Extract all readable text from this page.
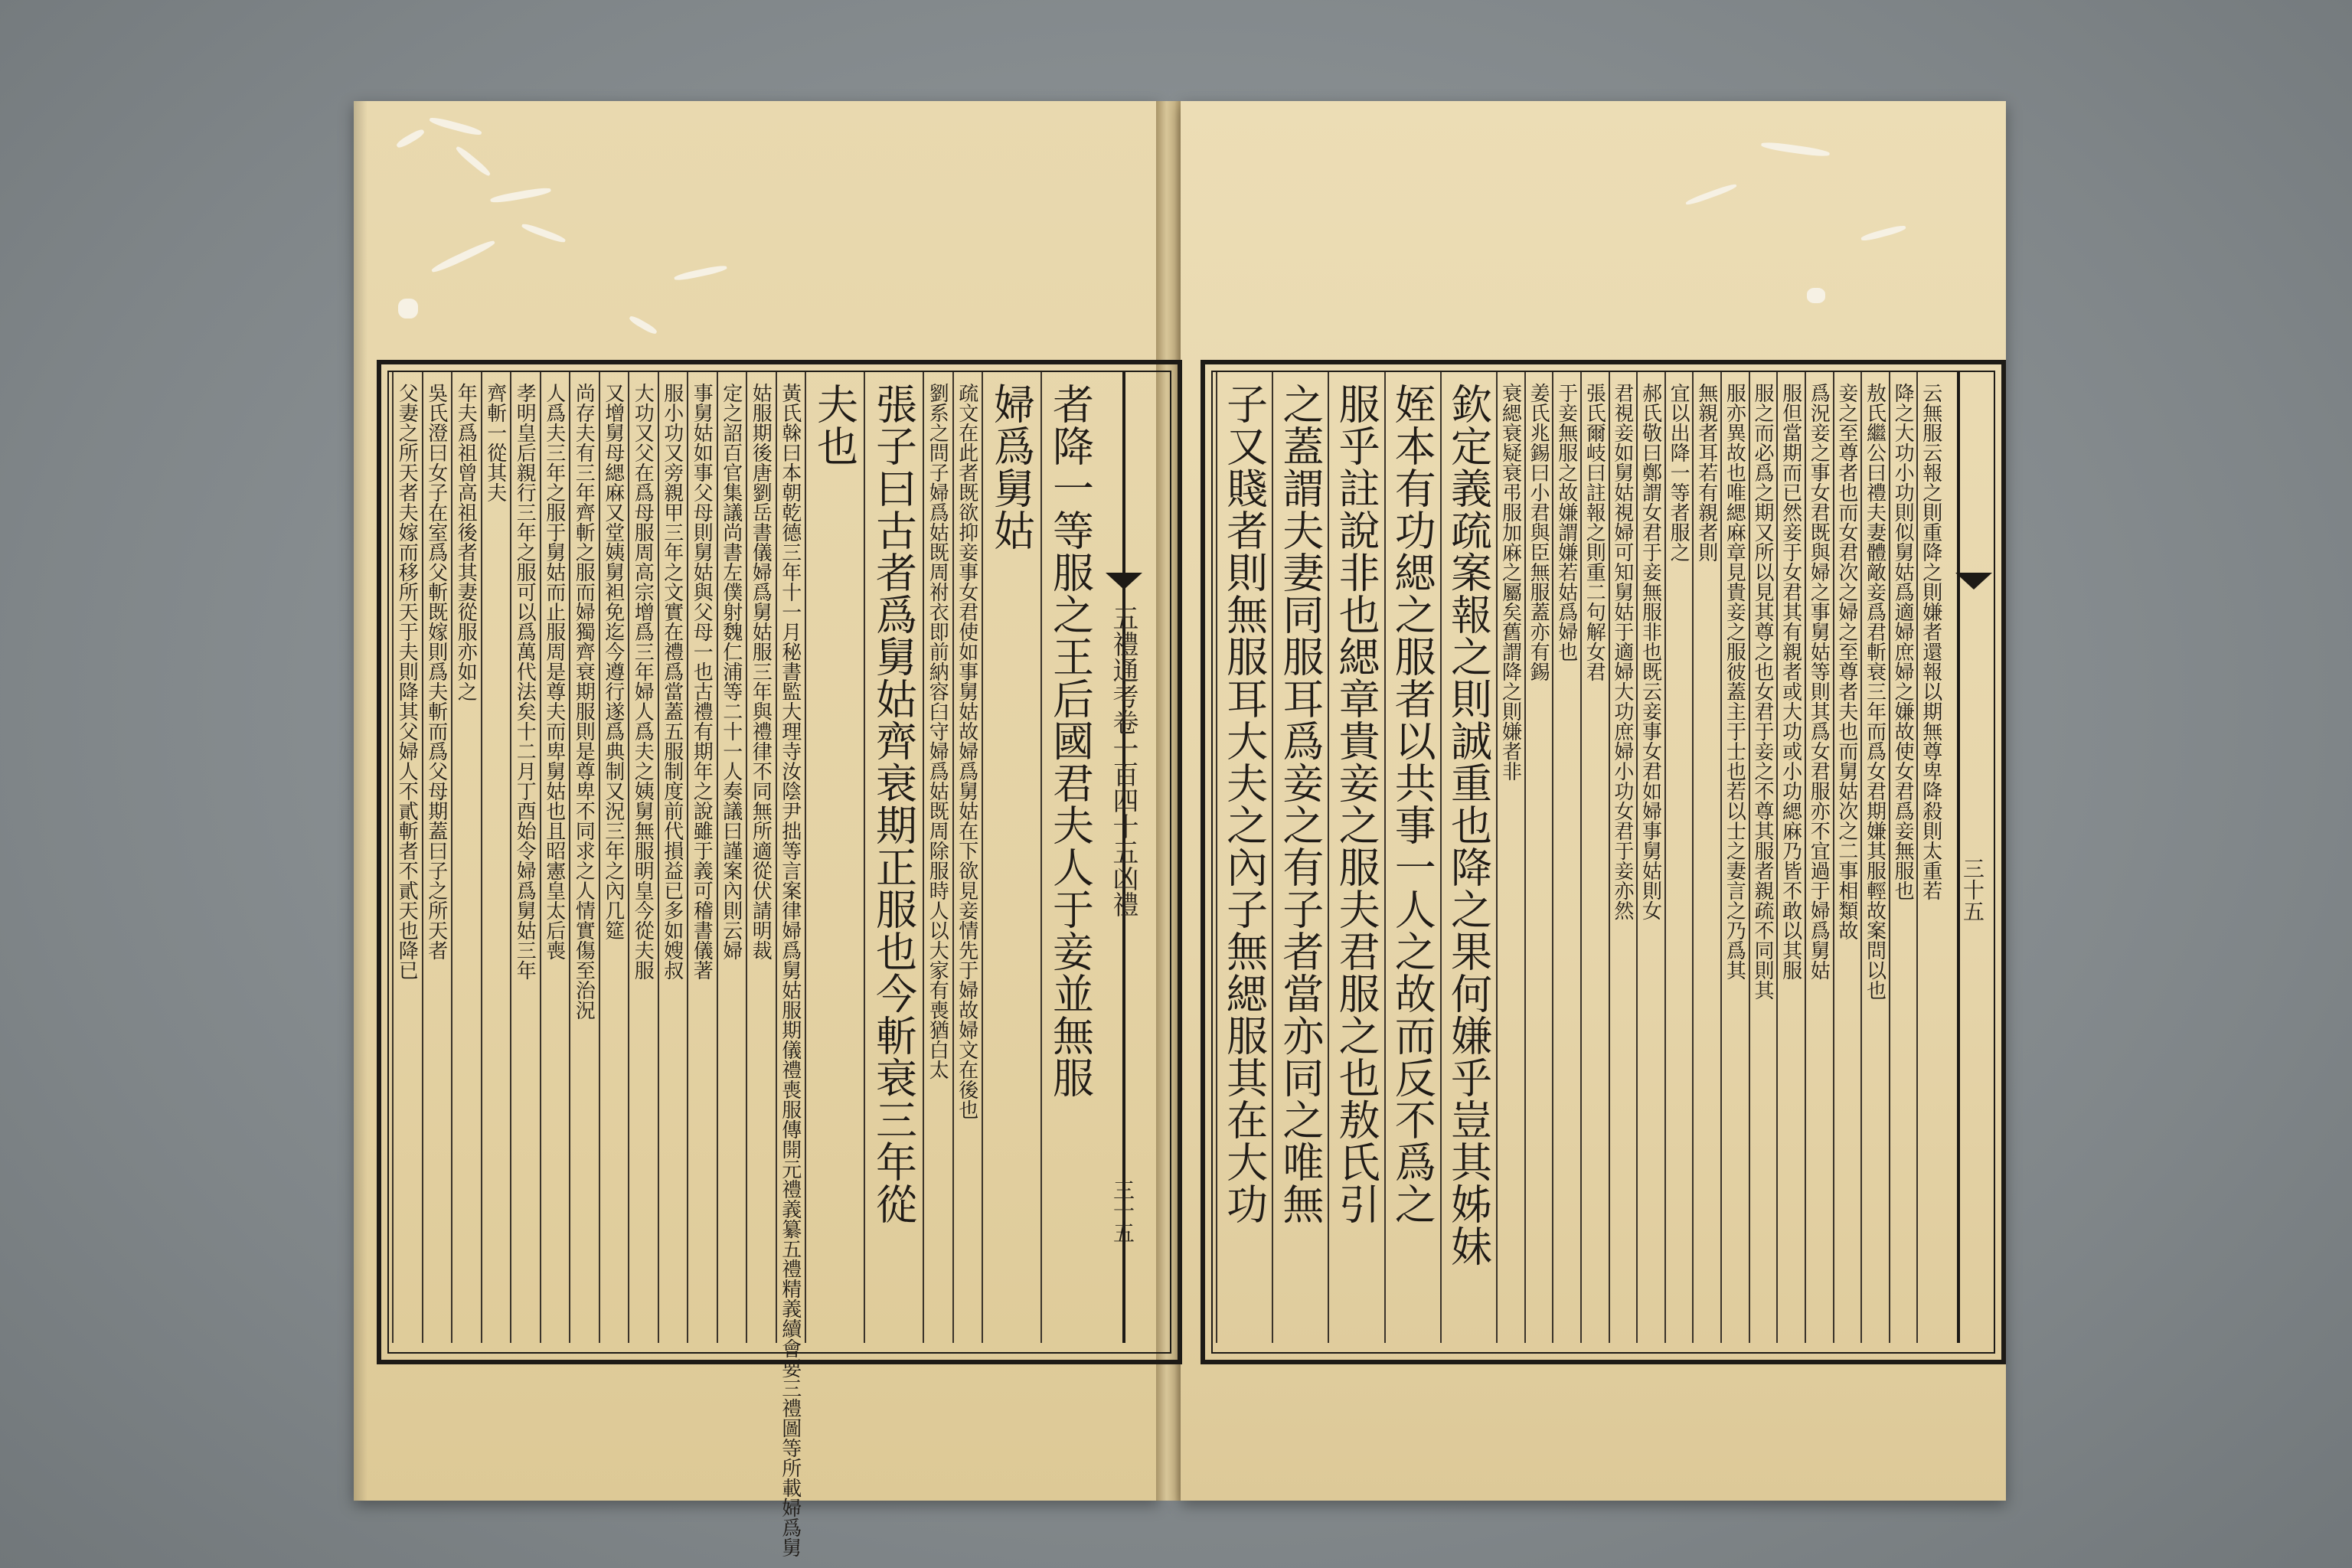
五禮通考卷一百四十五凶禮
三十五
三十五
者降一等服之王后國君夫人于妾並無服
婦爲舅姑
疏文在此者既欲抑妾事女君使如事舅姑故婦爲舅姑在下欲見妾情先于婦故婦文在後也
劉系之問子婦爲姑既周祔衣即前納容臼守婦爲姑既周除服時人以大家有喪猶白太
張子曰古者爲舅姑齊衰期正服也今斬衰三年從
夫也
黃氏榦曰本朝乾德三年十一月秘書監大理寺汝陰尹拙等言案律婦爲舅姑服期儀禮喪服傳開元禮義纂五禮精義續會要三禮圖等所載婦爲舅
姑服期後唐劉岳書儀婦爲舅姑服三年與禮律不同無所適從伏請明裁
定之詔百官集議尚書左僕射魏仁浦等二十一人奏議曰謹案內則云婦
事舅姑如事父母則舅姑與父母一也古禮有期年之說雖于義可稽書儀著
服小功又旁親甲三年之文實在禮爲當蓋五服制度前代損益已多如嫂叔
大功又父在爲母服周高宗增爲三年婦人爲夫之姨舅無服明皇今從夫服
又增舅母緦麻又堂姨舅袒免迄今遵行遂爲典制又況三年之內几筵
尚存夫有三年齊斬之服而婦獨齊衰期服則是尊卑不同求之人情實傷至治況
人爲夫三年之服于舅姑而止服周是尊夫而卑舅姑也且昭憲皇太后喪
孝明皇后親行三年之服可以爲萬代法矣十二月丁酉始令婦爲舅姑三年
齊斬一從其夫
年夫爲祖曾高祖後者其妻從服亦如之
吳氏澄曰女子在室爲父斬既嫁則爲夫斬而爲父母期蓋曰子之所天者
父妻之所天者夫嫁而移所天于夫則降其父婦人不貳斬者不貳天也降已	云無服云報之則重降之則嫌者還報以期無尊卑降殺則太重若
降之大功小功則似舅姑爲適婦庶婦之嫌故使女君爲妾無服也
敖氏繼公曰禮夫妻體敵妾爲君斬衰三年而爲女君期嫌其服輕故案問以也
妾之至尊者也而女君次之婦之至尊者夫也而舅姑次之二事相類故
爲況妾之事女君既與婦之事舅姑等則其爲女君服亦不宜過于婦爲舅姑
服但當期而已然妾于女君其有親者或大功或小功緦麻乃皆不敢以其服
服之而必爲之期又所以見其尊之也女君于妾之不尊其服者親疏不同則其
服亦異故也唯緦麻章見貴妾之服彼蓋主于士也若以士之妻言之乃爲其
無親者耳若有親者則
宜以出降一等者服之
郝氏敬曰鄭謂女君于妾無服非也既云妾事女君如婦事舅姑則女
君視妾如舅姑視婦可知舅姑于適婦大功庶婦小功女君于妾亦然
張氏爾岐曰註報之則重二句解女君
于妾無服之故嫌謂嫌若姑爲婦也
姜氏兆錫曰小君與臣無服蓋亦有錫
衰緦衰疑衰弔服加麻之屬矣舊謂降之則嫌者非
欽定義疏案報之則誠重也降之果何嫌乎豈其姊妹
姪本有功緦之服者以共事一人之故而反不爲之
服乎註說非也緦章貴妾之服夫君服之也敖氏引
之蓋謂夫妻同服耳爲妾之有子者當亦同之唯無
子又賤者則無服耳大夫之內子無緦服其在大功
